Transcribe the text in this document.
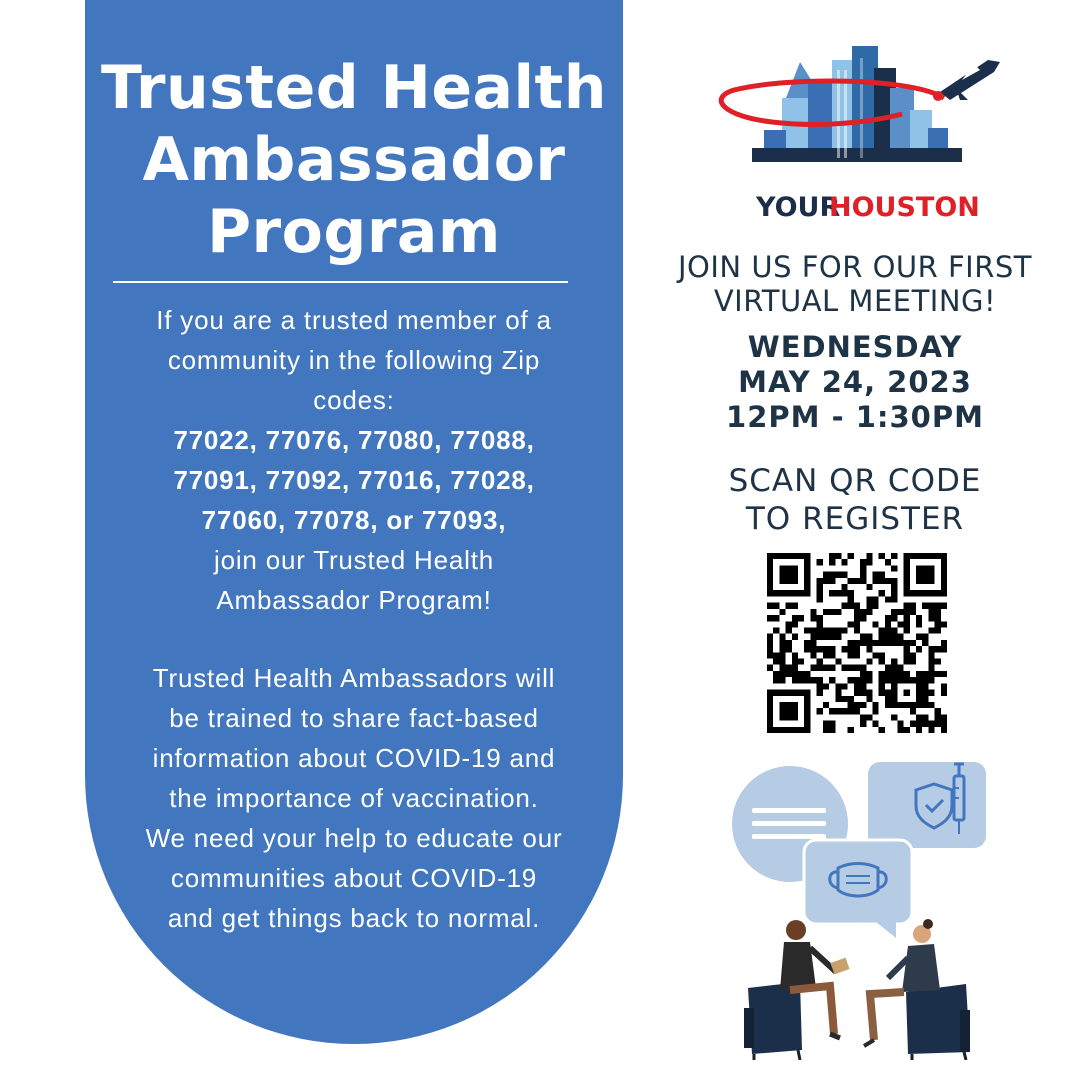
Trusted Health
Ambassador
Program
If you are a trusted member of a
community in the following Zip
codes:
77022, 77076, 77080, 77088,
77091, 77092, 77016, 77028,
77060, 77078, or 77093,
join our Trusted Health
Ambassador Program!
Trusted Health Ambassadors will
be trained to share fact-based
information about COVID-19 and
the importance of vaccination.
We need your help to educate our
communities about COVID-19
and get things back to normal.
YOUR
HOUSTON
JOIN US FOR OUR FIRST
VIRTUAL MEETING!
WEDNESDAY
MAY 24, 2023
12PM - 1:30PM
SCAN QR CODE
TO REGISTER
